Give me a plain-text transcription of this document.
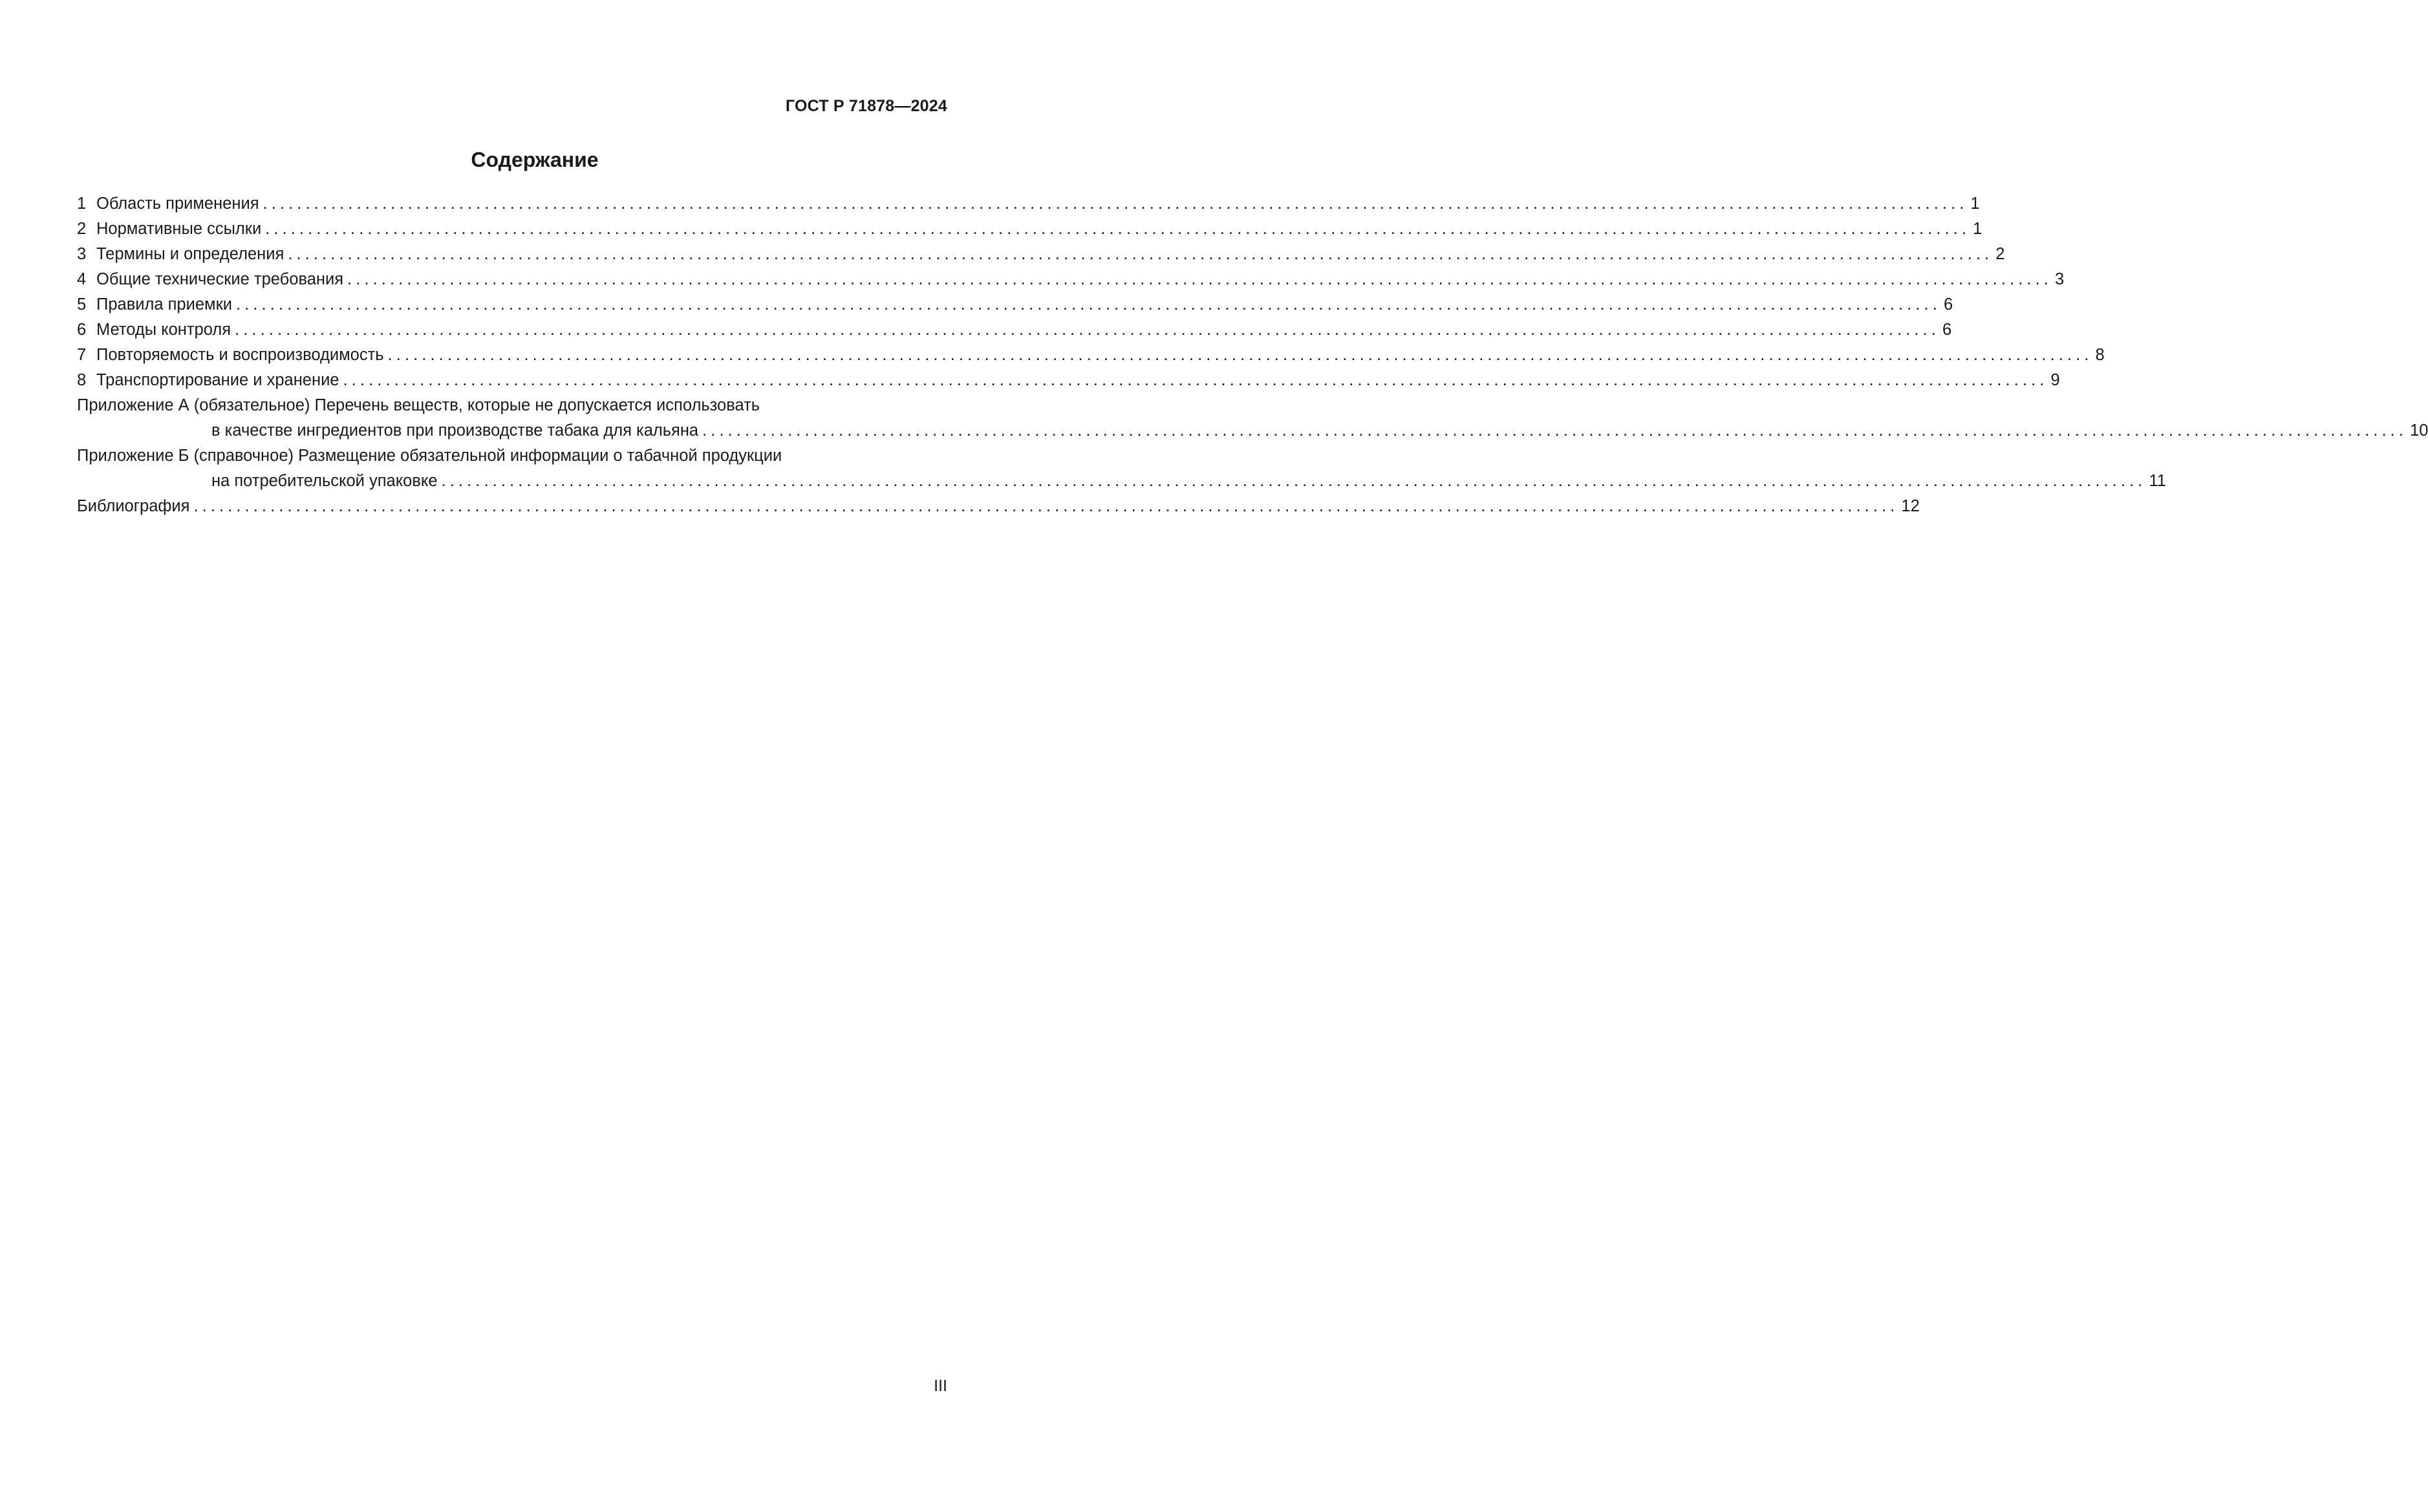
ГОСТ Р 71878—2024
Содержание
1 Область применения ........................................................................................................................................................................................................ 1
2 Нормативные ссылки ........................................................................................................................................................................................................ 1
3 Термины и определения ........................................................................................................................................................................................................ 2
4 Общие технические требования ........................................................................................................................................................................................................ 3
5 Правила приемки ........................................................................................................................................................................................................ 6
6 Методы контроля ........................................................................................................................................................................................................ 6
7 Повторяемость и воспроизводимость ........................................................................................................................................................................................................ 8
8 Транспортирование и хранение ........................................................................................................................................................................................................ 9
Приложение А (обязательное) Перечень веществ, которые не допускается использовать
в качестве ингредиентов при производстве табака для кальяна ........................................................................................................................................................................................................ 10
Приложение Б (справочное) Размещение обязательной информации о табачной продукции
на потребительской упаковке ........................................................................................................................................................................................................ 11
Библиография ........................................................................................................................................................................................................ 12
III
